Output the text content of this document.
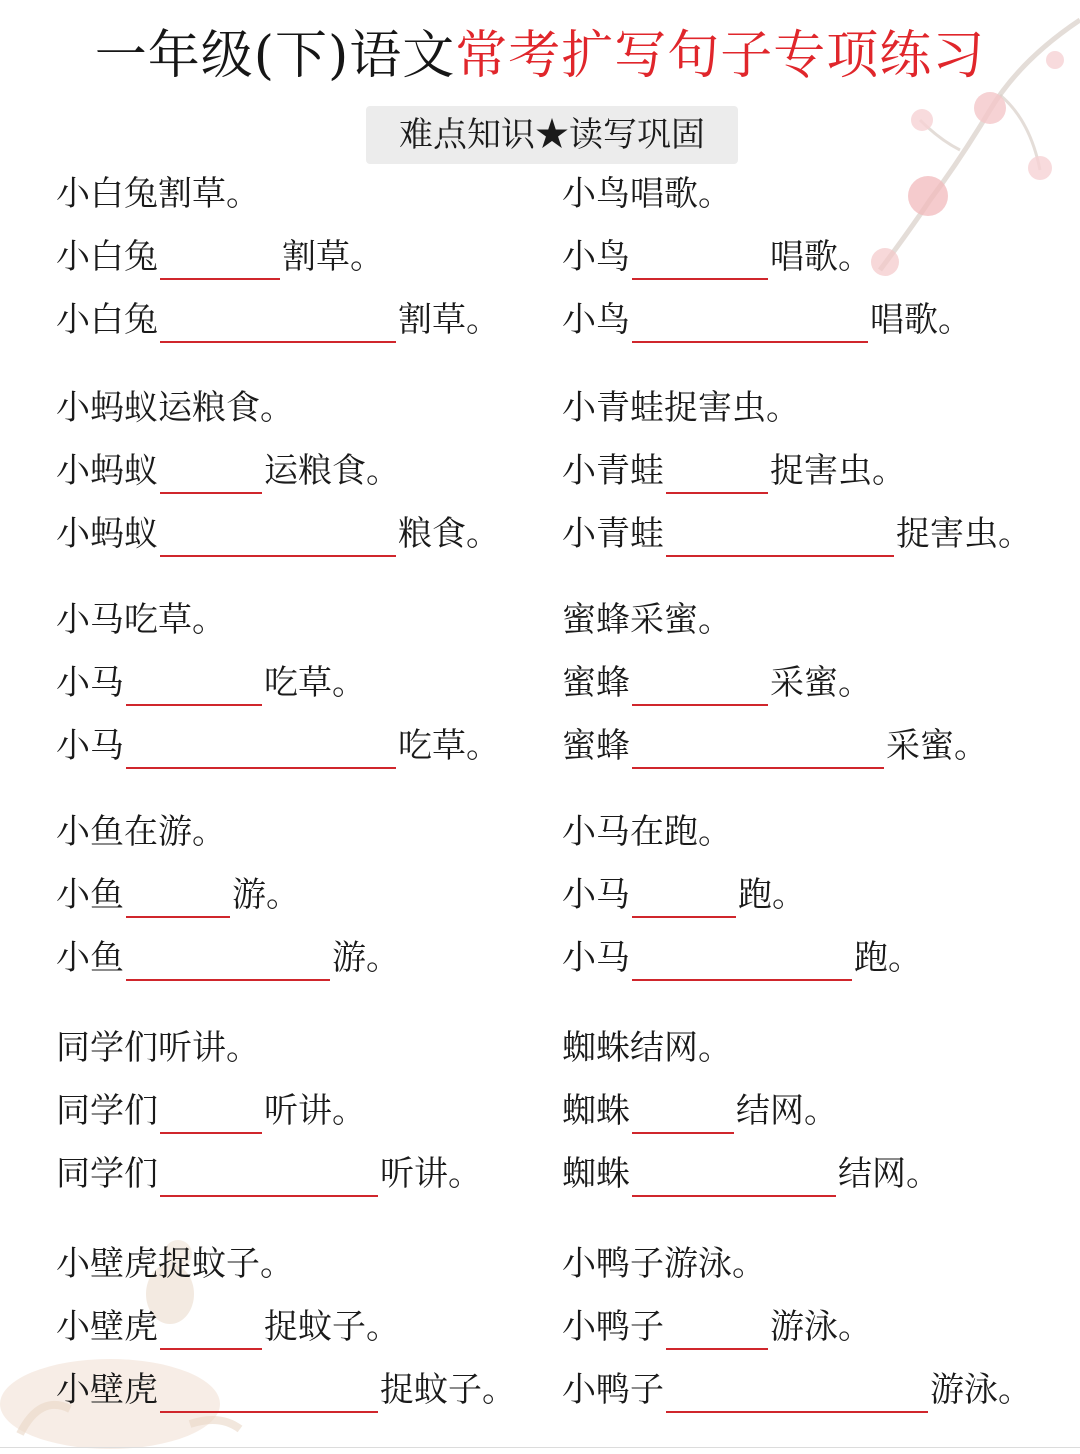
一年级(下)语文常考扩写句子专项练习
难点知识★读写巩固
小白兔割草。
小白兔	割草。
小白兔	割草。
小鸟唱歌。
小鸟	唱歌。
小鸟	唱歌。
小蚂蚁运粮食。
小蚂蚁	运粮食。
小蚂蚁	粮食。
小青蛙捉害虫。
小青蛙	捉害虫。
小青蛙	捉害虫。
小马吃草。
小马	吃草。
小马	吃草。
蜜蜂采蜜。
蜜蜂	采蜜。
蜜蜂	采蜜。
小鱼在游。
小鱼	游。
小鱼	游。
小马在跑。
小马	跑。
小马	跑。
同学们听讲。
同学们	听讲。
同学们	听讲。
蜘蛛结网。
蜘蛛	结网。
蜘蛛	结网。
小壁虎捉蚊子。
小壁虎	捉蚊子。
小壁虎	捉蚊子。
小鸭子游泳。
小鸭子	游泳。
小鸭子	游泳。
